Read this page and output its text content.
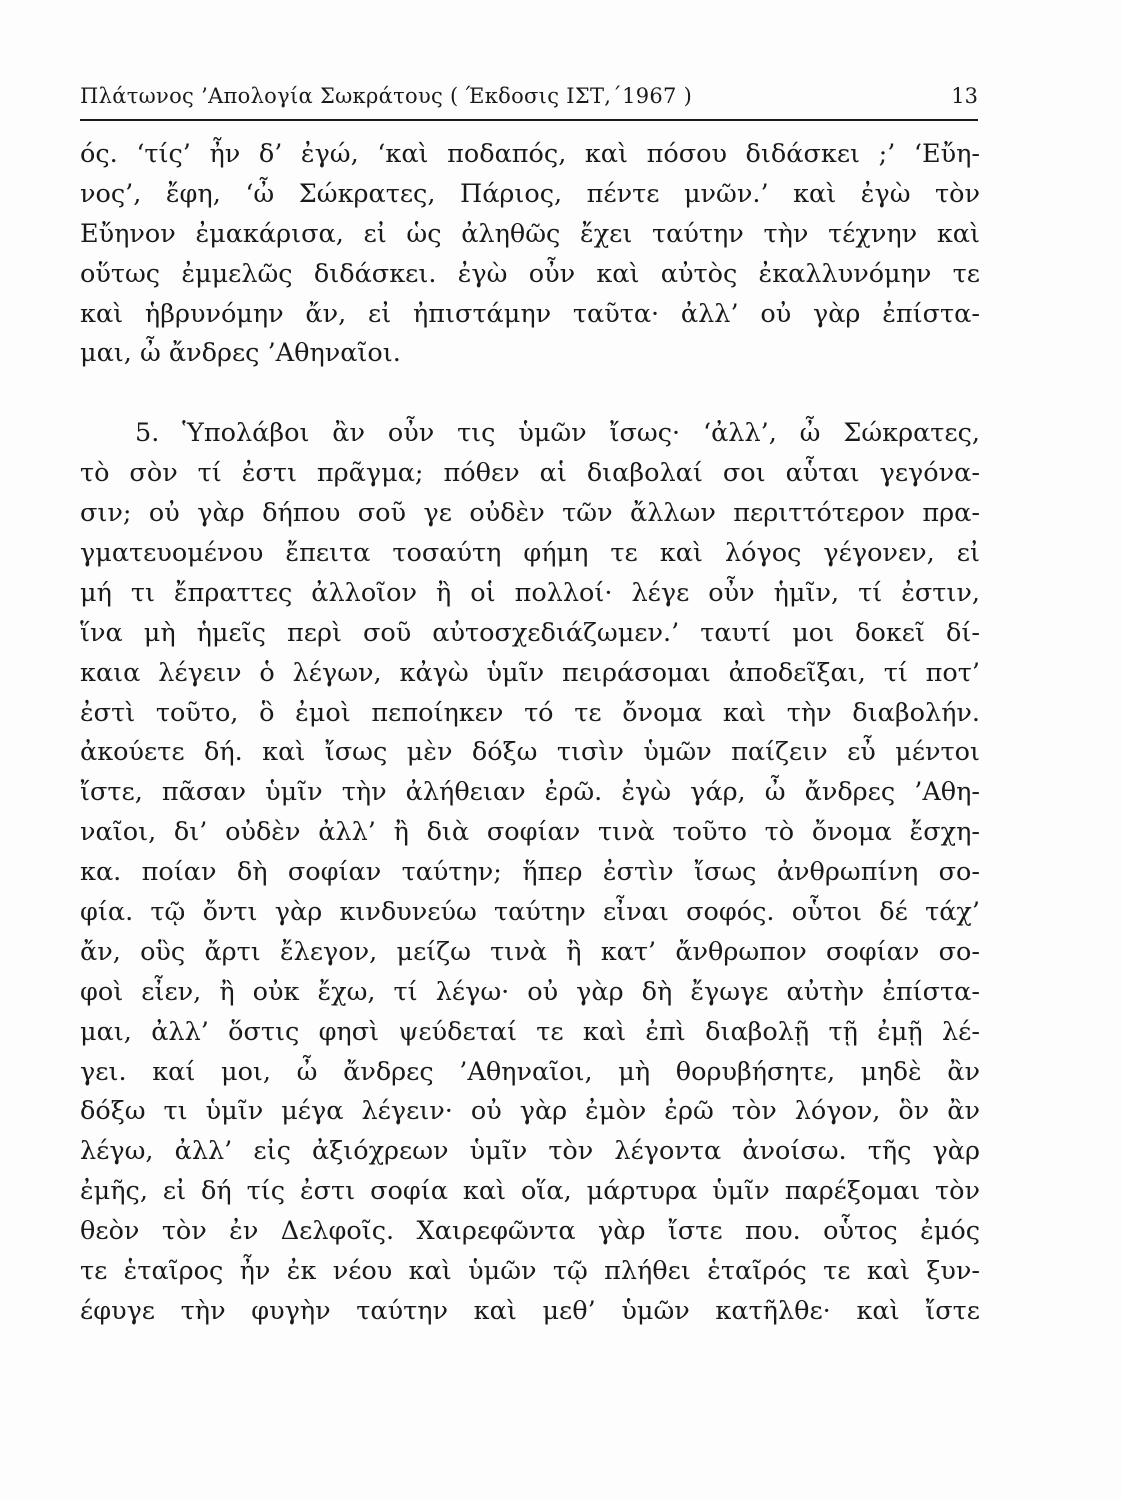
Πλάτωνος ’Απολογία Σωκράτους ( Έκδοσις ΙΣΤ,΄1967 )	13
ός. ‘τίς’ ἦν δ’ ἐγώ, ‘καὶ ποδαπός, καὶ πόσου διδάσκει ;’ ‘Εὔη-
νος’, ἔφη, ‘ὦ Σώκρατες, Πάριος, πέντε μνῶν.’ καὶ ἐγὼ τὸν
Εὔηνον ἐμακάρισα, εἰ ὡς ἀληθῶς ἔχει ταύτην τὴν τέχνην καὶ
οὕτως ἐμμελῶς διδάσκει. ἐγὼ οὖν καὶ αὐτὸς ἐκαλλυνόμην τε
καὶ ἡβρυνόμην ἄν, εἰ ἠπιστάμην ταῦτα· ἀλλ’ οὐ γὰρ ἐπίστα-
μαι, ὦ ἄνδρες ’Αθηναῖοι.
5. Ὑπολάβοι ἂν οὖν τις ὑμῶν ἴσως· ‘ἀλλ’, ὦ Σώκρατες,
τὸ σὸν τί ἐστι πρᾶγμα; πόθεν αἱ διαβολαί σοι αὗται γεγόνα-
σιν; οὐ γὰρ δήπου σοῦ γε οὐδὲν τῶν ἄλλων περιττότερον πρα-
γματευομένου ἔπειτα τοσαύτη φήμη τε καὶ λόγος γέγονεν, εἰ
μή τι ἔπραττες ἀλλοῖον ἢ οἱ πολλοί· λέγε οὖν ἡμῖν, τί ἐστιν,
ἵνα μὴ ἡμεῖς περὶ σοῦ αὐτοσχεδιάζωμεν.’ ταυτί μοι δοκεῖ δί-
καια λέγειν ὁ λέγων, κἀγὼ ὑμῖν πειράσομαι ἀποδεῖξαι, τί ποτ’
ἐστὶ τοῦτο, ὃ ἐμοὶ πεποίηκεν τό τε ὄνομα καὶ τὴν διαβολήν.
ἀκούετε δή. καὶ ἴσως μὲν δόξω τισὶν ὑμῶν παίζειν εὖ μέντοι
ἴστε, πᾶσαν ὑμῖν τὴν ἀλήθειαν ἐρῶ. ἐγὼ γάρ, ὦ ἄνδρες ’Αθη-
ναῖοι, δι’ οὐδὲν ἀλλ’ ἢ διὰ σοφίαν τινὰ τοῦτο τὸ ὄνομα ἔσχη-
κα. ποίαν δὴ σοφίαν ταύτην; ἥπερ ἐστὶν ἴσως ἀνθρωπίνη σο-
φία. τῷ ὄντι γὰρ κινδυνεύω ταύτην εἶναι σοφός. οὗτοι δέ τάχ’
ἄν, οὓς ἄρτι ἔλεγον, μείζω τινὰ ἢ κατ’ ἄνθρωπον σοφίαν σο-
φοὶ εἶεν, ἢ οὐκ ἔχω, τί λέγω· οὐ γὰρ δὴ ἔγωγε αὐτὴν ἐπίστα-
μαι, ἀλλ’ ὅστις φησὶ ψεύδεταί τε καὶ ἐπὶ διαβολῇ τῇ ἐμῇ λέ-
γει. καί μοι, ὦ ἄνδρες ’Αθηναῖοι, μὴ θορυβήσητε, μηδὲ ἂν
δόξω τι ὑμῖν μέγα λέγειν· οὐ γὰρ ἐμὸν ἐρῶ τὸν λόγον, ὃν ἂν
λέγω, ἀλλ’ εἰς ἀξιόχρεων ὑμῖν τὸν λέγοντα ἀνοίσω. τῆς γὰρ
ἐμῆς, εἰ δή τίς ἐστι σοφία καὶ οἵα, μάρτυρα ὑμῖν παρέξομαι τὸν
θεὸν τὸν ἐν Δελφοῖς. Χαιρεφῶντα γὰρ ἴστε που. οὗτος ἐμός
τε ἑταῖρος ἦν ἐκ νέου καὶ ὑμῶν τῷ πλήθει ἑταῖρός τε καὶ ξυν-
έφυγε τὴν φυγὴν ταύτην καὶ μεθ’ ὑμῶν κατῆλθε· καὶ ἴστε
